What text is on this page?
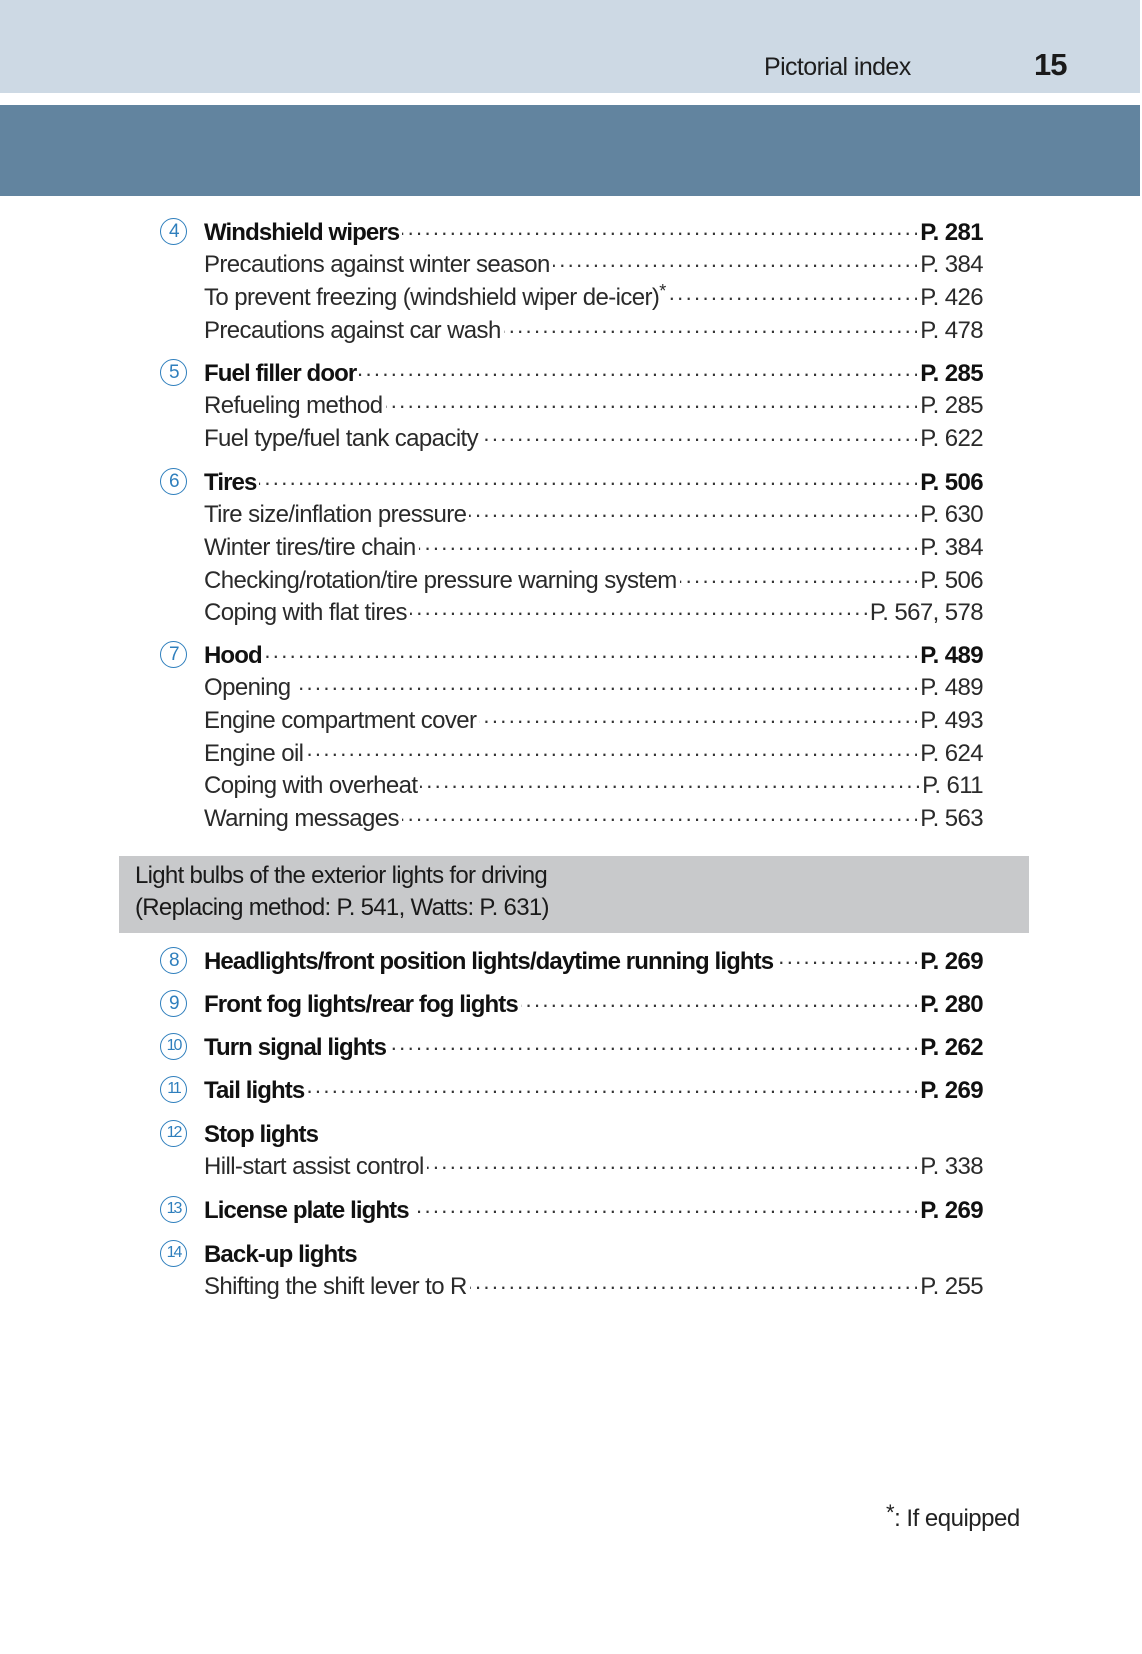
Pictorial index	15
4	Windshield wipers . . .	P. 281
Precautions against winter season . . .	P. 384
To prevent freezing (windshield wiper de-icer)* . . .	P. 426
Precautions against car wash . . .	P. 478
5	Fuel filler door . . .	P. 285
Refueling method . . .	P. 285
Fuel type/fuel tank capacity . . .	P. 622
6	Tires . . .	P. 506
Tire size/inflation pressure . . .	P. 630
Winter tires/tire chain . . .	P. 384
Checking/rotation/tire pressure warning system . . .	P. 506
Coping with flat tires . . .	P. 567, 578
7	Hood . . .	P. 489
Opening . . .	P. 489
Engine compartment cover . . .	P. 493
Engine oil . . .	P. 624
Coping with overheat . . .	P. 611
Warning messages . . .	P. 563
Light bulbs of the exterior lights for driving
(Replacing method: P. 541, Watts: P. 631)
8	Headlights/front position lights/daytime running lights . . .	P. 269
9	Front fog lights/rear fog lights . . .	P. 280
10 Turn signal lights . . .	P. 262
11	Tail lights . . .	P. 269
12 Stop lights
Hill-start assist control . . .	P. 338
13 License plate lights . . .	P. 269
14 Back-up lights
Shifting the shift lever to R . . .	P. 255
*: If equipped
